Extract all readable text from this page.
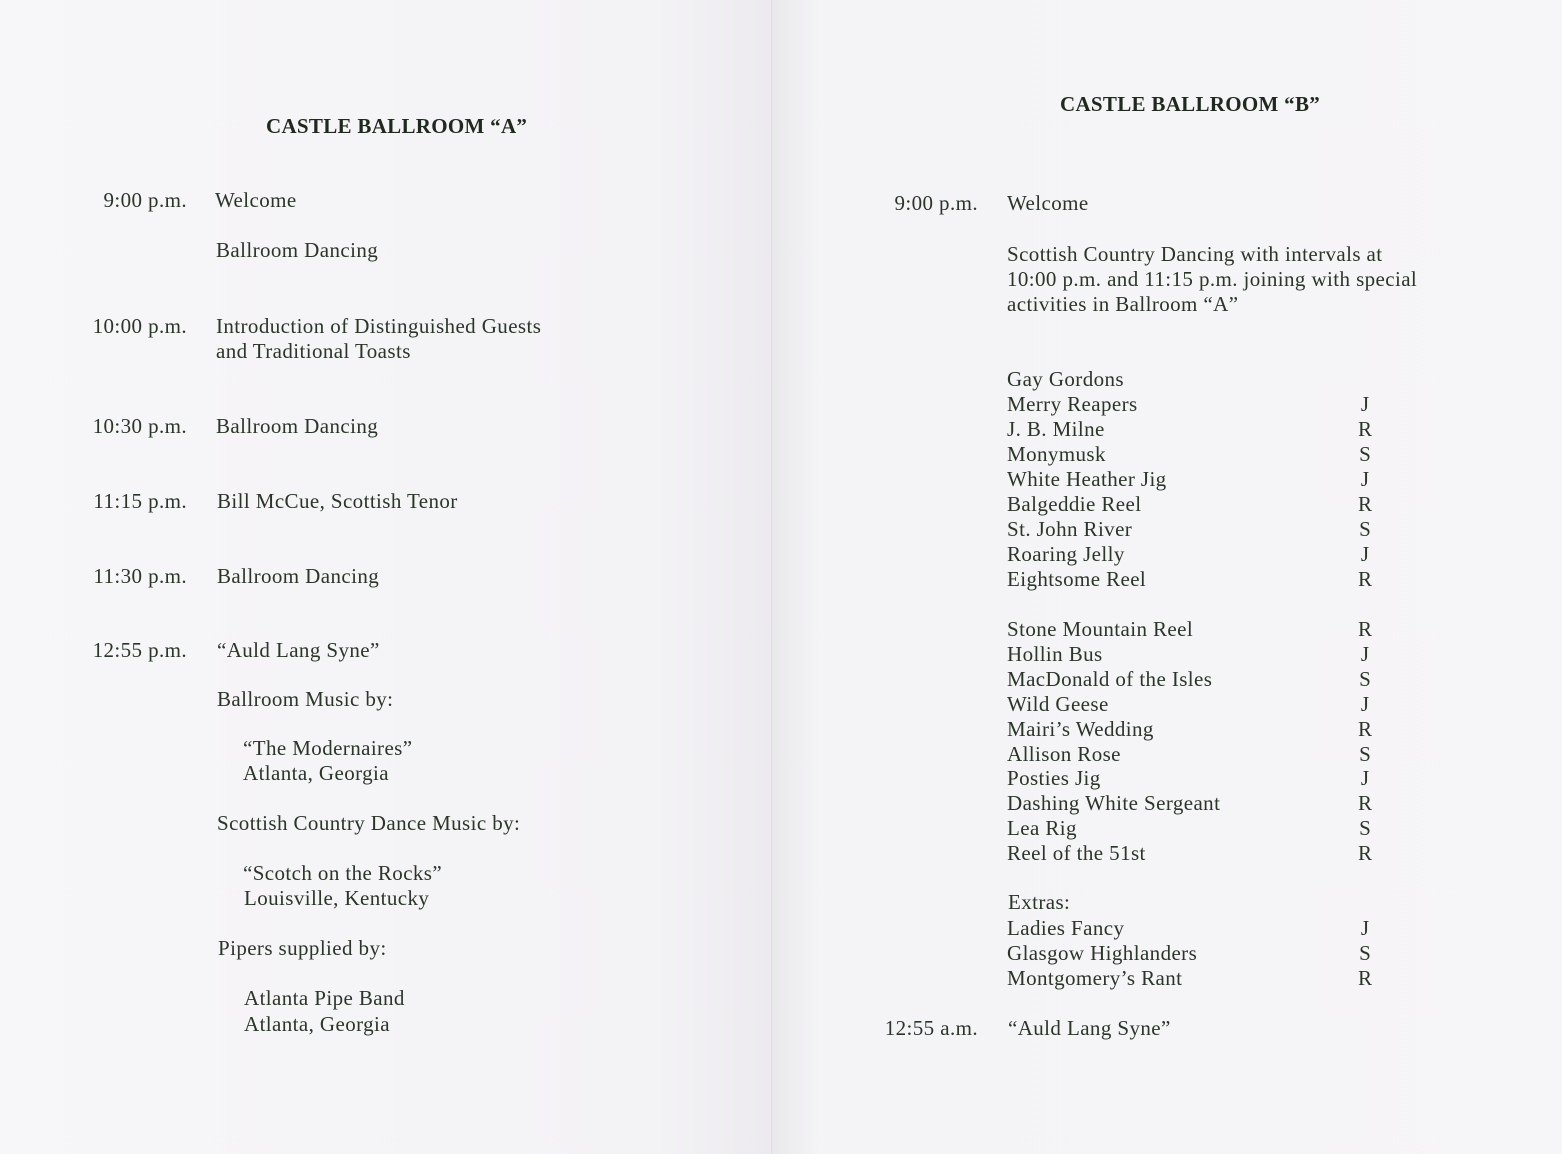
CASTLE BALLROOM “A”
9:00 p.m. Welcome
Ballroom Dancing
10:00 p.m. Introduction of Distinguished Guests
and Traditional Toasts
10:30 p.m. Ballroom Dancing
11:15 p.m. Bill McCue, Scottish Tenor
11:30 p.m. Ballroom Dancing
12:55 p.m. “Auld Lang Syne”
Ballroom Music by:
“The Modernaires”
Atlanta, Georgia
Scottish Country Dance Music by:
“Scotch on the Rocks”
Louisville, Kentucky
Pipers supplied by:
Atlanta Pipe Band
Atlanta, Georgia
CASTLE BALLROOM “B”
9:00 p.m. Welcome
Scottish Country Dancing with intervals at
10:00 p.m. and 11:15 p.m. joining with special
activities in Ballroom “A”
Gay Gordons
Merry Reapers	J
J. B. Milne	R
Monymusk	S
White Heather Jig	J
Balgeddie Reel	R
St. John River	S
Roaring Jelly	J
Eightsome Reel	R
Stone Mountain Reel	R
Hollin Bus	J
MacDonald of the Isles	S
Wild Geese	J
Mairi’s Wedding	R
Allison Rose	S
Posties Jig	J
Dashing White Sergeant	R
Lea Rig	S
Reel of the 51st	R
Extras:
Ladies Fancy	J
Glasgow Highlanders	S
Montgomery’s Rant	R
12:55 a.m. “Auld Lang Syne”
